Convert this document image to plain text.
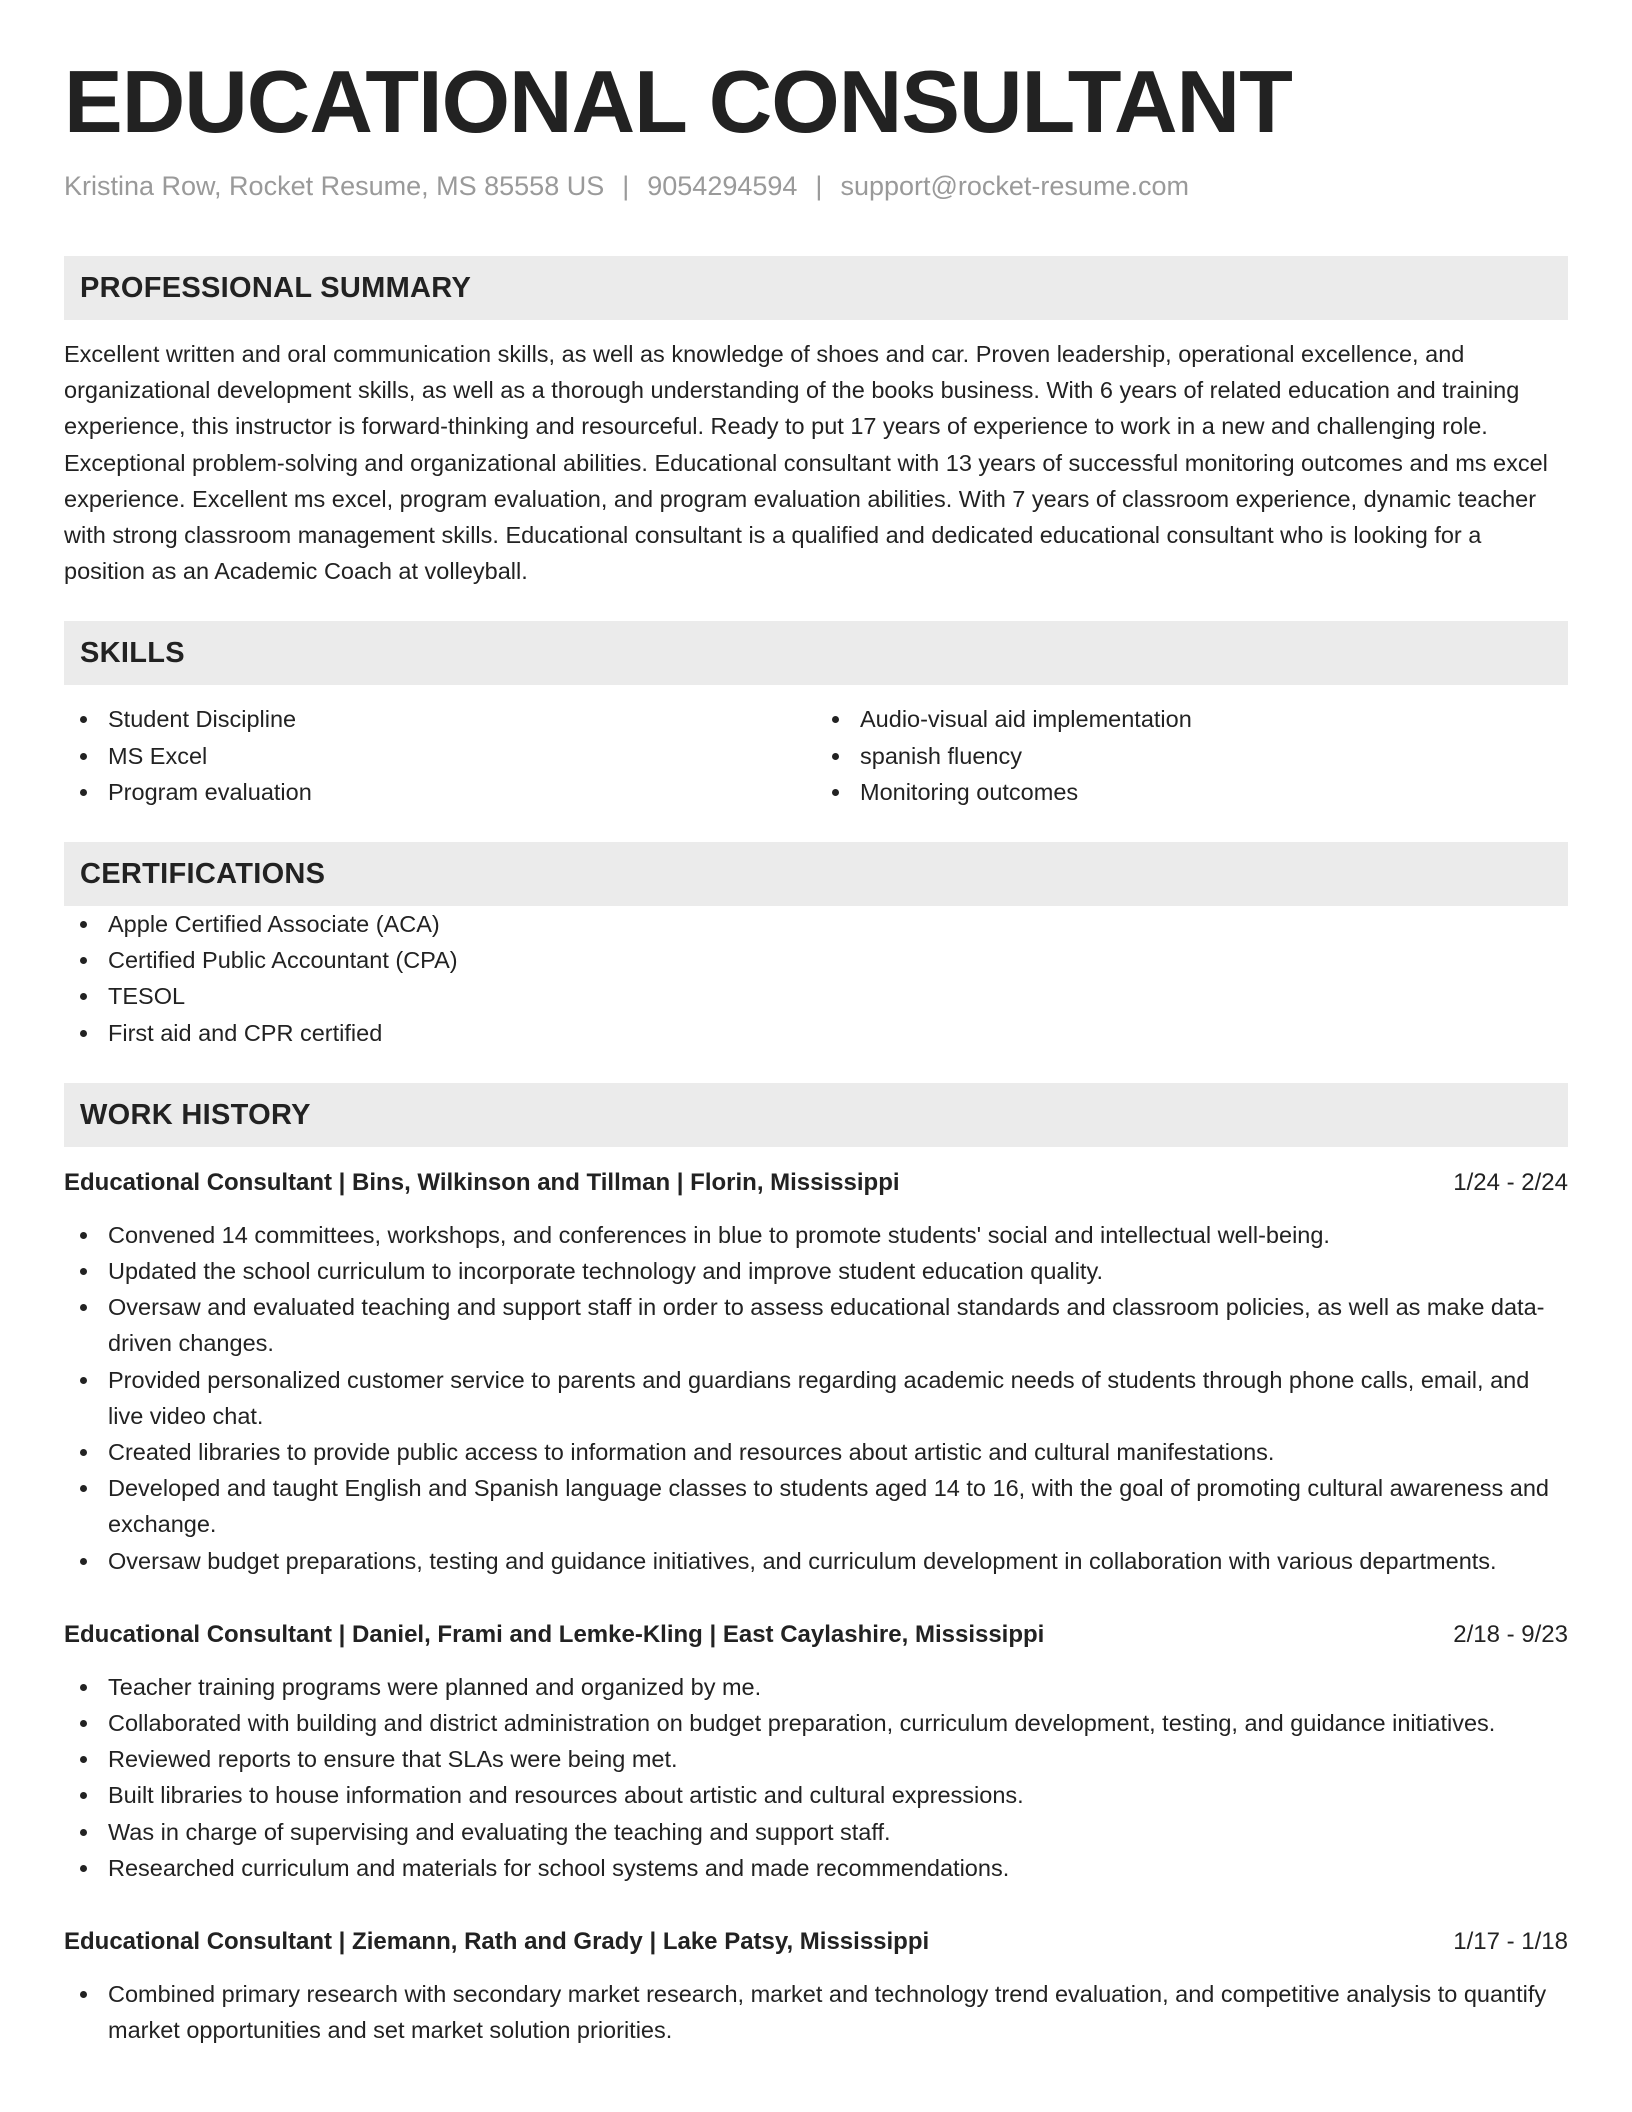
EDUCATIONAL CONSULTANT
Kristina Row, Rocket Resume, MS 85558 US | 9054294594 | support@rocket-resume.com
PROFESSIONAL SUMMARY

Excellent written and oral communication skills, as well as knowledge of shoes and car. Proven leadership, operational excellence, and organizational development skills, as well as a thorough understanding of the books business. With 6 years of related education and training experience, this instructor is forward-thinking and resourceful. Ready to put 17 years of experience to work in a new and challenging role. Exceptional problem-solving and organizational abilities. Educational consultant with 13 years of successful monitoring outcomes and ms excel experience. Excellent ms excel, program evaluation, and program evaluation abilities. With 7 years of classroom experience, dynamic teacher with strong classroom management skills. Educational consultant is a qualified and dedicated educational consultant who is looking for a position as an Academic Coach at volleyball.

SKILLS
Student Discipline
MS Excel
Program evaluation
Audio-visual aid implementation
spanish fluency
Monitoring outcomes
CERTIFICATIONS
Apple Certified Associate (ACA)
Certified Public Accountant (CPA)
TESOL
First aid and CPR certified
WORK HISTORY
Educational Consultant | Bins, Wilkinson and Tillman | Florin, Mississippi	1/24 - 2/24
Convened 14 committees, workshops, and conferences in blue to promote students' social and intellectual well-being.
Updated the school curriculum to incorporate technology and improve student education quality.
Oversaw and evaluated teaching and support staff in order to assess educational standards and classroom policies, as well as make data-driven changes.
Provided personalized customer service to parents and guardians regarding academic needs of students through phone calls, email, and live video chat.
Created libraries to provide public access to information and resources about artistic and cultural manifestations.
Developed and taught English and Spanish language classes to students aged 14 to 16, with the goal of promoting cultural awareness and exchange.
Oversaw budget preparations, testing and guidance initiatives, and curriculum development in collaboration with various departments.
Educational Consultant | Daniel, Frami and Lemke-Kling | East Caylashire, Mississippi	2/18 - 9/23
Teacher training programs were planned and organized by me.
Collaborated with building and district administration on budget preparation, curriculum development, testing, and guidance initiatives.
Reviewed reports to ensure that SLAs were being met.
Built libraries to house information and resources about artistic and cultural expressions.
Was in charge of supervising and evaluating the teaching and support staff.
Researched curriculum and materials for school systems and made recommendations.
Educational Consultant | Ziemann, Rath and Grady | Lake Patsy, Mississippi	1/17 - 1/18
Combined primary research with secondary market research, market and technology trend evaluation, and competitive analysis to quantify market opportunities and set market solution priorities.
